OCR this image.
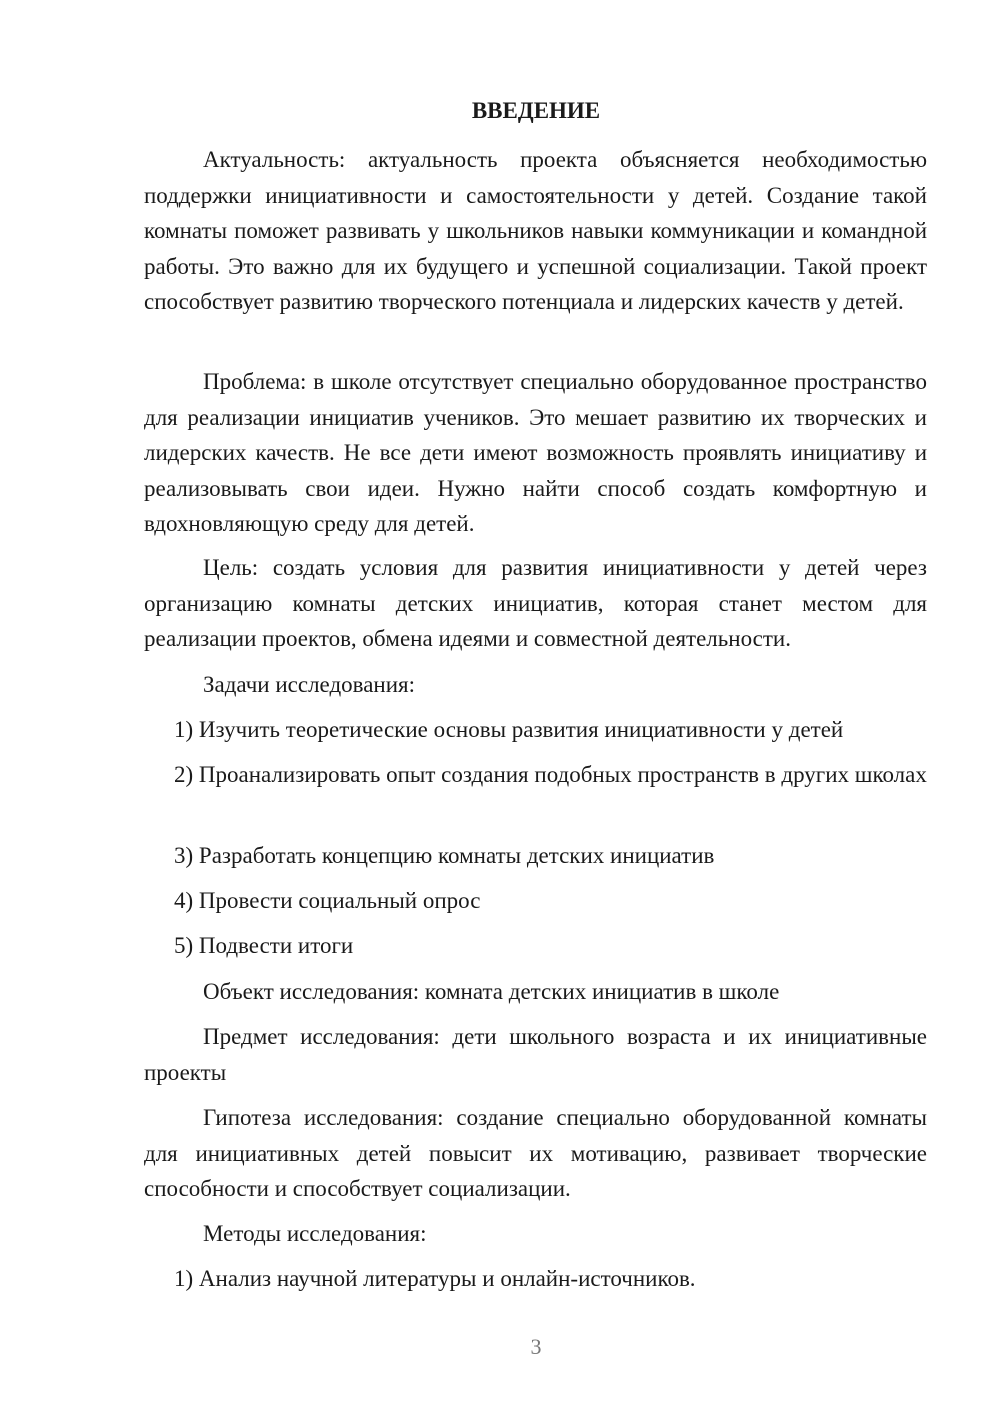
ВВЕДЕНИЕ

Актуальность: актуальность проекта объясняется необходимостью поддержки инициативности и самостоятельности у детей. Создание такой комнаты поможет развивать у школьников навыки коммуникации и командной работы. Это важно для их будущего и успешной социализации. Такой проект способствует развитию творческого потенциала и лидерских качеств у детей.

Проблема: в школе отсутствует специально оборудованное пространство для реализации инициатив учеников. Это мешает развитию их творческих и лидерских качеств. Не все дети имеют возможность проявлять инициативу и реализовывать свои идеи. Нужно найти способ создать комфортную и вдохновляющую среду для детей.

Цель: создать условия для развития инициативности у детей через организацию комнаты детских инициатив, которая станет местом для реализации проектов, обмена идеями и совместной деятельности.

Задачи исследования:

1) Изучить теоретические основы развития инициативности у детей

2) Проанализировать опыт создания подобных пространств в других школах

3) Разработать концепцию комнаты детских инициатив

4) Провести социальный опрос

5) Подвести итоги

Объект исследования: комната детских инициатив в школе

Предмет исследования: дети школьного возраста и их инициативные проекты

Гипотеза исследования: создание специально оборудованной комнаты для инициативных детей повысит их мотивацию, развивает творческие способности и способствует социализации.

Методы исследования:

1) Анализ научной литературы и онлайн-источников.

3
